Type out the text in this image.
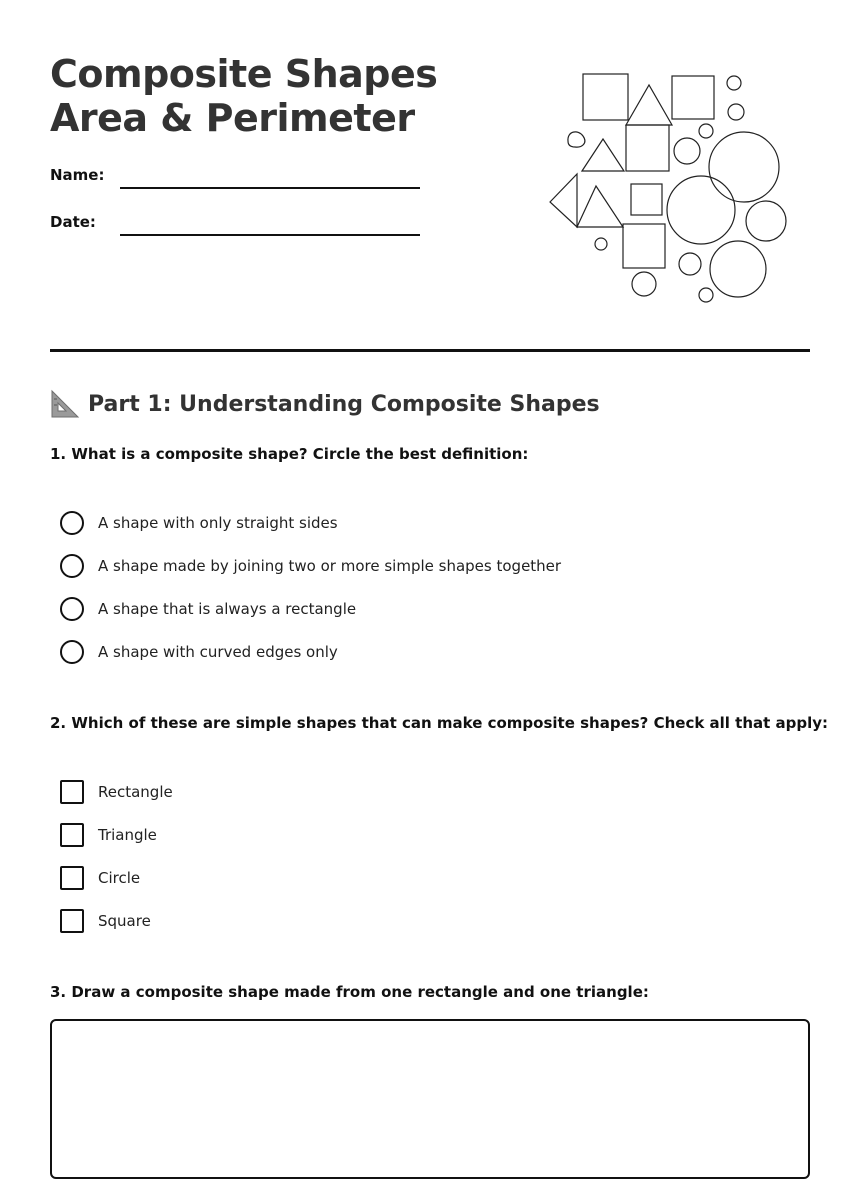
Composite Shapes Area & Perimeter
Name:
Date:
Part 1: Understanding Composite Shapes
1. What is a composite shape? Circle the best definition:
A shape with only straight sides
A shape made by joining two or more simple shapes together
A shape that is always a rectangle
A shape with curved edges only
2. Which of these are simple shapes that can make composite shapes? Check all that apply:
Rectangle
Triangle
Circle
Square
3. Draw a composite shape made from one rectangle and one triangle:
